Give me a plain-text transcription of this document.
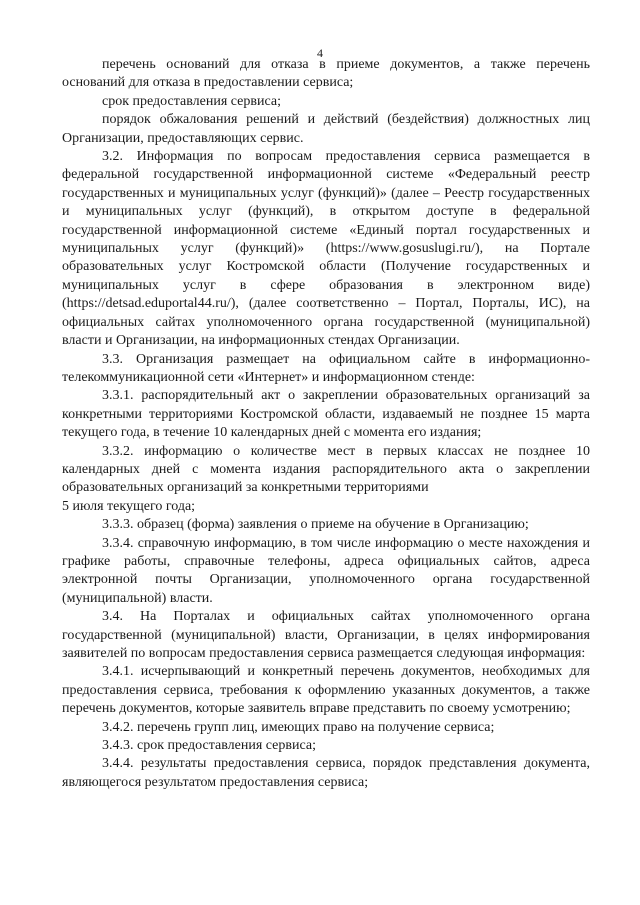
4

перечень оснований для отказа в приеме документов, а также перечень оснований для отказа в предоставлении сервиса;

срок предоставления сервиса;

порядок обжалования решений и действий (бездействия) должностных лиц Организации, предоставляющих сервис.

3.2. Информация по вопросам предоставления сервиса размещается в федеральной государственной информационной системе «Федеральный реестр государственных и муниципальных услуг (функций)» (далее – Реестр государственных и муниципальных услуг (функций), в открытом доступе в федеральной государственной информационной системе «Единый портал государственных и муниципальных услуг (функций)» (https://www.gosuslugi.ru/), на Портале образовательных услуг Костромской области (Получение государственных и муниципальных услуг в сфере образования в электронном виде) (https://detsad.eduportal44.ru/), (далее соответственно – Портал, Порталы, ИС), на официальных сайтах уполномоченного органа государственной (муниципальной) власти и Организации, на информационных стендах Организации.

3.3. Организация размещает на официальном сайте в информационно-телекоммуникационной сети «Интернет» и информационном стенде:

3.3.1. распорядительный акт о закреплении образовательных организаций за конкретными территориями Костромской области, издаваемый не позднее 15 марта текущего года, в течение 10 календарных дней с момента его издания;

3.3.2. информацию о количестве мест в первых классах не позднее 10 календарных дней с момента издания распорядительного акта о закреплении образовательных организаций за конкретными территориями

5 июля текущего года;

3.3.3. образец (форма) заявления о приеме на обучение в Организацию;

3.3.4. справочную информацию, в том числе информацию о месте нахождения и графике работы, справочные телефоны, адреса официальных сайтов, адреса электронной почты Организации, уполномоченного органа государственной (муниципальной) власти.

3.4. На Порталах и официальных сайтах уполномоченного органа государственной (муниципальной) власти, Организации, в целях информирования заявителей по вопросам предоставления сервиса размещается следующая информация:

3.4.1. исчерпывающий и конкретный перечень документов, необходимых для предоставления сервиса, требования к оформлению указанных документов, а также перечень документов, которые заявитель вправе представить по своему усмотрению;

3.4.2. перечень групп лиц, имеющих право на получение сервиса;

3.4.3. срок предоставления сервиса;

3.4.4. результаты предоставления сервиса, порядок представления документа, являющегося результатом предоставления сервиса;
